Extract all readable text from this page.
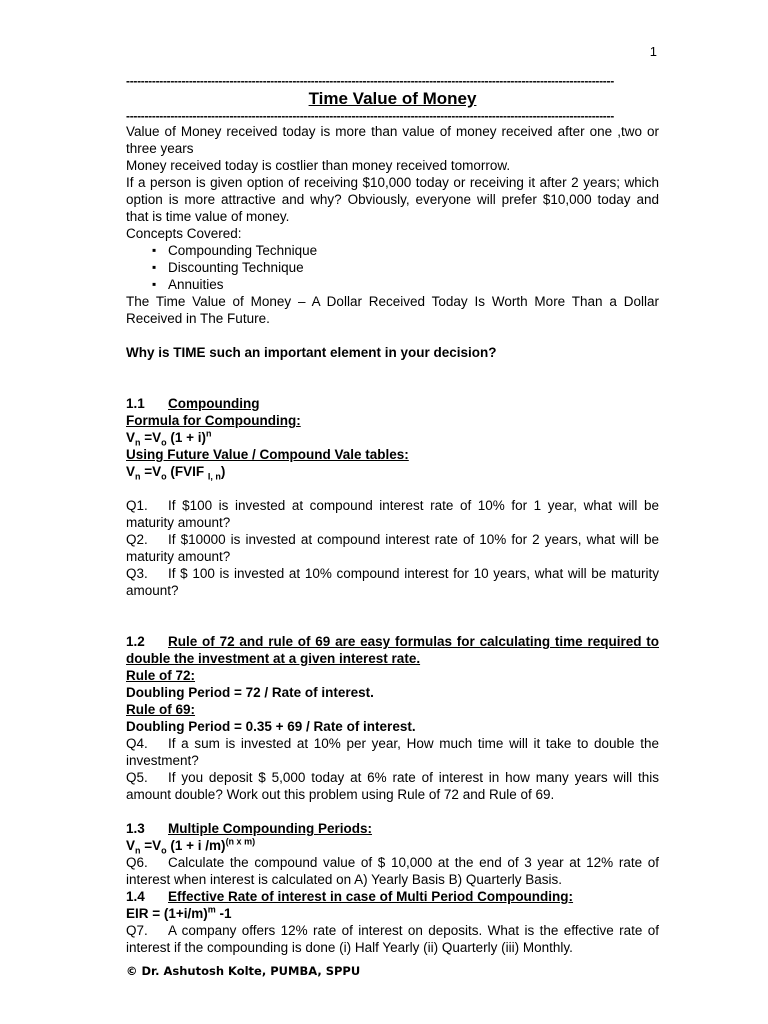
1
------------------------------------------------------------------------------------------------------------------------------------
Time Value of Money
------------------------------------------------------------------------------------------------------------------------------------

Value of Money received today is more than value of money received after one ,two or three years

Money received today is costlier than money received tomorrow.

If a person is given option of receiving $10,000 today or receiving it after 2 years; which option is more attractive and why? Obviously, everyone will prefer $10,000 today and that is time value of money.

Concepts Covered:

▪ Compounding Technique
▪ Discounting Technique
▪ Annuities

The Time Value of Money – A Dollar Received Today Is Worth More Than a Dollar Received in The Future.

Why is TIME such an important element in your decision?

1.1 Compounding

Formula for Compounding:

$V_n =V_o$ $(1 + i)^n$

Using Future Value / Compound Vale tables:

$V_n =V_o$ (FVIF $_{I, n}$)

Q1. If $100 is invested at compound interest rate of 10% for 1 year, what will be maturity amount?

Q2. If $10000 is invested at compound interest rate of 10% for 2 years, what will be maturity amount?

Q3. If $ 100 is invested at 10% compound interest for 10 years, what will be maturity amount?

1.2 Rule of 72 and rule of 69 are easy formulas for calculating time required to double the investment at a given interest rate.

Rule of 72:

Doubling Period = 72 / Rate of interest.

Rule of 69:

Doubling Period = 0.35 + 69 / Rate of interest.

Q4. If a sum is invested at 10% per year, How much time will it take to double the investment?

Q5. If you deposit $ 5,000 today at 6% rate of interest in how many years will this amount double? Work out this problem using Rule of 72 and Rule of 69.

1.3 Multiple Compounding Periods:

$V_n =V_o$ (1 + i /m)$^{(n x m)}$

Q6. Calculate the compound value of $ 10,000 at the end of 3 year at 12% rate of interest when interest is calculated on A) Yearly Basis B) Quarterly Basis.

1.4 Effective Rate of interest in case of Multi Period Compounding:

EIR = $(1+i/m)^m$ -1

Q7. A company offers 12% rate of interest on deposits. What is the effective rate of interest if the compounding is done (i) Half Yearly (ii) Quarterly (iii) Monthly.

© Dr. Ashutosh Kolte, PUMBA, SPPU
